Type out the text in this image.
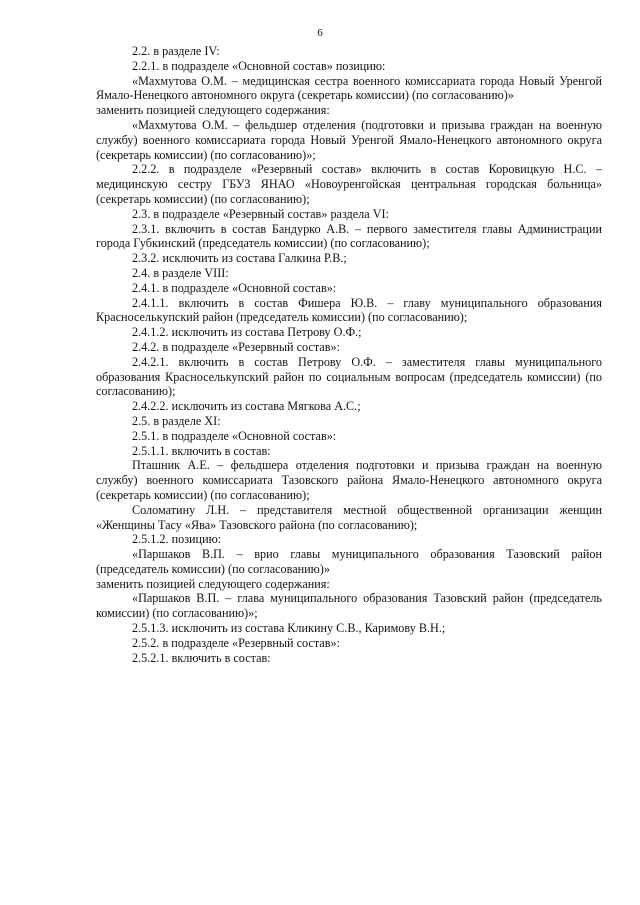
6

2.2. в разделе IV:

2.2.1. в подразделе «Основной состав» позицию:

«Махмутова О.М. – медицинская сестра военного комиссариата города Новый Уренгой Ямало-Ненецкого автономного округа (секретарь комиссии) (по согласованию)»

заменить позицией следующего содержания:

«Махмутова О.М. – фельдшер отделения (подготовки и призыва граждан на военную службу) военного комиссариата города Новый Уренгой Ямало-Ненецкого автономного округа (секретарь комиссии) (по согласованию)»;

2.2.2. в подразделе «Резервный состав» включить в состав Коровицкую Н.С. – медицинскую сестру ГБУЗ ЯНАО «Новоуренгойская центральная городская больница» (секретарь комиссии) (по согласованию);

2.3. в подразделе «Резервный состав» раздела VI:

2.3.1. включить в состав Бандурко А.В. – первого заместителя главы Администрации города Губкинский (председатель комиссии) (по согласованию);

2.3.2. исключить из состава Галкина Р.В.;

2.4. в разделе VIII:

2.4.1. в подразделе «Основной состав»:

2.4.1.1. включить в состав Фишера Ю.В. – главу муниципального образования Красноселькупский район (председатель комиссии) (по согласованию);

2.4.1.2. исключить из состава Петрову О.Ф.;

2.4.2. в подразделе «Резервный состав»:

2.4.2.1. включить в состав Петрову О.Ф. – заместителя главы муниципального образования Красноселькупский район по социальным вопросам (председатель комиссии) (по согласованию);

2.4.2.2. исключить из состава Мягкова А.С.;

2.5. в разделе XI:

2.5.1. в подразделе «Основной состав»:

2.5.1.1. включить в состав:

Пташник А.Е. – фельдшера отделения подготовки и призыва граждан на военную службу) военного комиссариата Тазовского района Ямало-Ненецкого автономного округа (секретарь комиссии) (по согласованию);

Соломатину Л.Н. – представителя местной общественной организации женщин «Женщины Тасу «Ява» Тазовского района (по согласованию);

2.5.1.2. позицию:

«Паршаков В.П. – врио главы муниципального образования Тазовский район (председатель комиссии) (по согласованию)»

заменить позицией следующего содержания:

«Паршаков В.П. – глава муниципального образования Тазовский район (председатель комиссии) (по согласованию)»;

2.5.1.3. исключить из состава Кликину С.В., Каримову В.Н.;

2.5.2. в подразделе «Резервный состав»:

2.5.2.1. включить в состав:
